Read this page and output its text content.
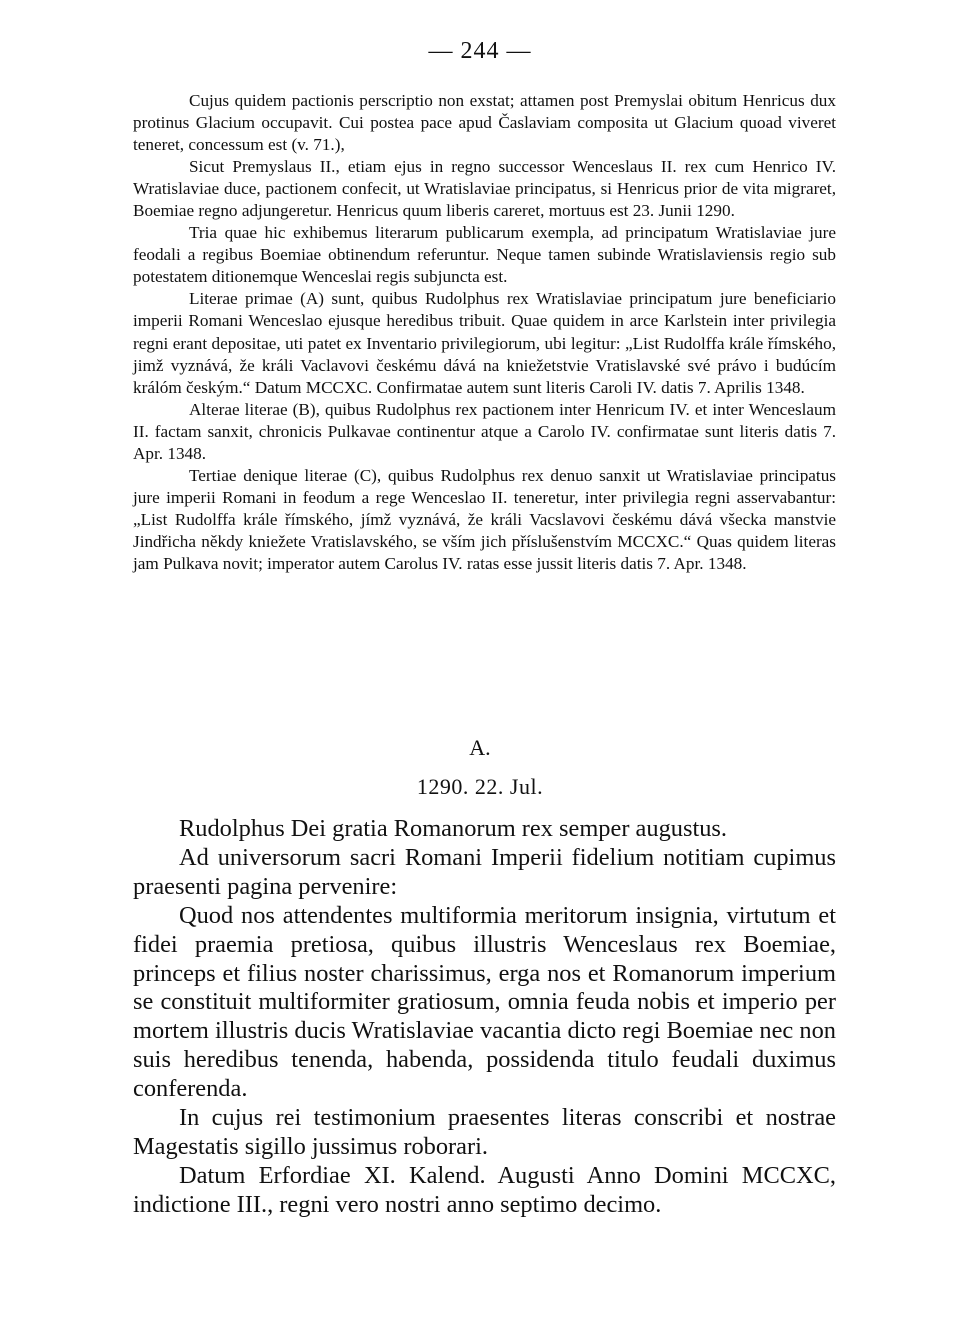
— 244 —

Cujus quidem pactionis perscriptio non exstat; attamen post Premyslai obitum Henricus dux protinus Glacium occupavit. Cui postea pace apud Časlaviam composita ut Glacium quoad viveret teneret, concessum est (v. 71.),

Sicut Premyslaus II., etiam ejus in regno successor Wenceslaus II. rex cum Henrico IV. Wratislaviae duce, pactionem confecit, ut Wratislaviae principatus, si Henricus prior de vita migraret, Boemiae regno adjungeretur. Henricus quum liberis careret, mortuus est 23. Junii 1290.

Tria quae hic exhibemus literarum publicarum exempla, ad principatum Wratislaviae jure feodali a regibus Boemiae obtinendum referuntur. Neque tamen subinde Wratislaviensis regio sub potestatem ditionemque Wenceslai regis subjuncta est.

Literae primae (A) sunt, quibus Rudolphus rex Wratislaviae principatum jure beneficiario imperii Romani Wenceslao ejusque heredibus tribuit. Quae quidem in arce Karlstein inter privilegia regni erant depositae, uti patet ex Inventario privilegiorum, ubi legitur: „List Rudolffa krále římského, jimž vyznává, že králi Vaclavovi českému dává na kniežetstvie Vratislavské své právo i budúcím králóm českým.“ Datum MCCXC. Confirmatae autem sunt literis Caroli IV. datis 7. Aprilis 1348.

Alterae literae (B), quibus Rudolphus rex pactionem inter Henricum IV. et inter Wenceslaum II. factam sanxit, chronicis Pulkavae continentur atque a Carolo IV. confirmatae sunt literis datis 7. Apr. 1348.

Tertiae denique literae (C), quibus Rudolphus rex denuo sanxit ut Wratislaviae principatus jure imperii Romani in feodum a rege Wenceslao II. teneretur, inter privilegia regni asservabantur: „List Rudolffa krále římského, jímž vyznává, že králi Vacslavovi českému dává všecka manstvie Jindřicha někdy kniežete Vratislavského, se vším jich příslušenstvím MCCXC.“ Quas quidem literas jam Pulkava novit; imperator autem Carolus IV. ratas esse jussit literis datis 7. Apr. 1348.

A.
1290. 22. Jul.

Rudolphus Dei gratia Romanorum rex semper augustus.

Ad universorum sacri Romani Imperii fidelium notitiam cupimus praesenti pagina pervenire:

Quod nos attendentes multiformia meritorum insignia, virtutum et fidei praemia pretiosa, quibus illustris Wenceslaus rex Boemiae, princeps et filius noster charissimus, erga nos et Romanorum imperium se constituit multiformiter gratiosum, omnia feuda nobis et imperio per mortem illustris ducis Wratislaviae vacantia dicto regi Boemiae nec non suis heredibus tenenda, habenda, possidenda titulo feudali duximus conferenda.

In cujus rei testimonium praesentes literas conscribi et nostrae Magestatis sigillo jussimus roborari.

Datum Erfordiae XI. Kalend. Augusti Anno Domini MCCXC, indictione III., regni vero nostri anno septimo decimo.
